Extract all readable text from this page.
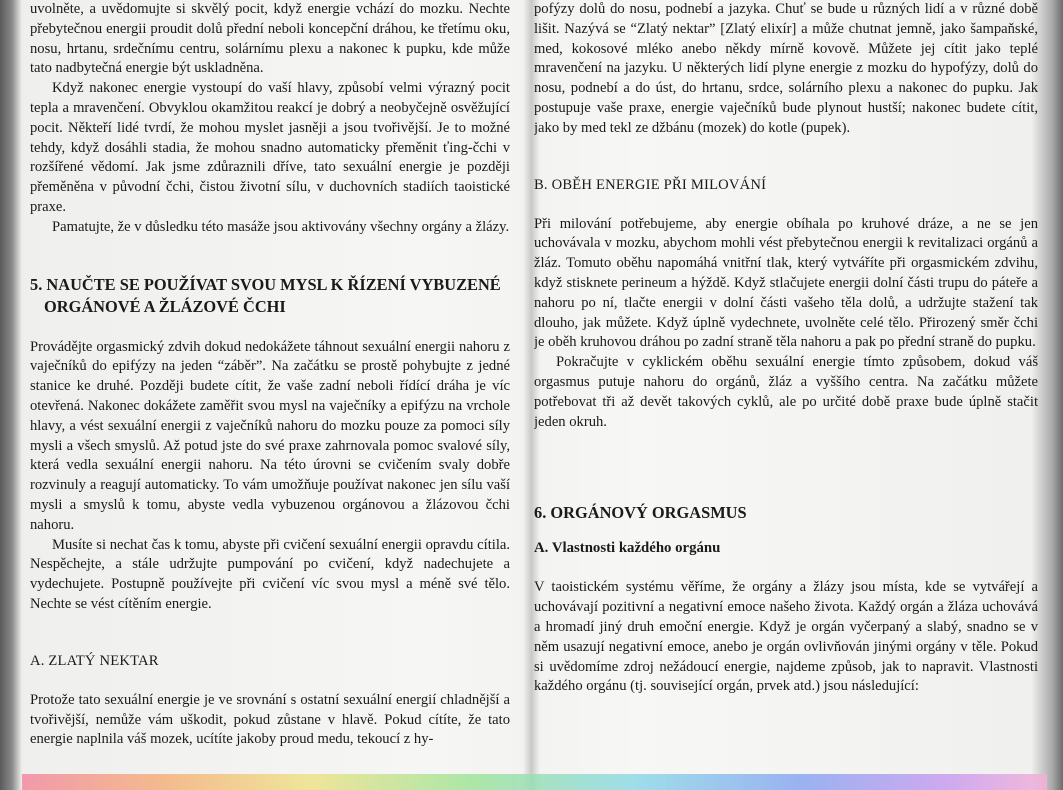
uvolněte, a uvědomujte si skvělý pocit, když energie vchází do mozku. Nechte přebytečnou energii proudit dolů přední neboli koncepční dráhou, ke třetímu oku, nosu, hrtanu, srdečnímu centru, solárnímu plexu a nakonec k pupku, kde může tato nadbytečná energie být uskladněna.

Když nakonec energie vystoupí do vaší hlavy, způsobí velmi výrazný pocit tepla a mravenčení. Obvyklou okamžitou reakcí je dobrý a neobyčejně osvěžující pocit. Někteří lidé tvrdí, že mohou myslet jasněji a jsou tvořivější. Je to možné tehdy, když dosáhli stadia, že mohou snadno automaticky přeměnit ťing-čchi v rozšířené vědomí. Jak jsme zdůraznili dříve, tato sexuální energie je později přeměněna v původní čchi, čistou životní sílu, v duchovních stadiích taoistické praxe.

Pamatujte, že v důsledku této masáže jsou aktivovány všechny orgány a žlázy.

5. NAUČTE SE POUŽÍVAT SVOU MYSL K ŘÍZENÍ VYBUZENÉ
ORGÁNOVÉ A ŽLÁZOVÉ ČCHI

Provádějte orgasmický zdvih dokud nedokážete táhnout sexuální energii nahoru z vaječníků do epifýzy na jeden “záběr”. Na začátku se prostě pohybujte z jedné stanice ke druhé. Později budete cítit, že vaše zadní neboli řídící dráha je víc otevřená. Nakonec dokážete zaměřit svou mysl na vaječníky a epifýzu na vrchole hlavy, a vést sexuální energii z vaječníků nahoru do mozku pouze za pomoci síly mysli a všech smyslů. Až potud jste do své praxe zahrnovala pomoc svalové síly, která vedla sexuální energii nahoru. Na této úrovni se cvičením svaly dobře rozvinuly a reagují automaticky. To vám umožňuje používat nakonec jen sílu vaší mysli a smyslů k tomu, abyste vedla vybuzenou orgánovou a žlázovou čchi nahoru.

Musíte si nechat čas k tomu, abyste při cvičení sexuální energii opravdu cítila. Nespěchejte, a stále udržujte pumpování po cvičení, když nadechujete a vydechujete. Postupně používejte při cvičení víc svou mysl a méně své tělo. Nechte se vést cítěním energie.

A. ZLATÝ NEKTAR

Protože tato sexuální energie je ve srovnání s ostatní sexuální energií chladnější a tvořivější, nemůže vám uškodit, pokud zůstane v hlavě. Pokud cítíte, že tato energie naplnila váš mozek, ucítíte jakoby proud medu, tekoucí z hy-

pofýzy dolů do nosu, podnebí a jazyka. Chuť se bude u různých lidí a v různé době lišit. Nazývá se “Zlatý nektar” [Zlatý elixír] a může chutnat jemně, jako šampaňské, med, kokosové mléko anebo někdy mírně kovově. Můžete jej cítit jako teplé mravenčení na jazyku. U některých lidí plyne energie z mozku do hypofýzy, dolů do nosu, podnebí a do úst, do hrtanu, srdce, solárního plexu a nakonec do pupku. Jak postupuje vaše praxe, energie vaječníků bude plynout hustší; nakonec budete cítit, jako by med tekl ze džbánu (mozek) do kotle (pupek).

B. OBĚH ENERGIE PŘI MILOVÁNÍ

Při milování potřebujeme, aby energie obíhala po kruhové dráze, a ne se jen uchovávala v mozku, abychom mohli vést přebytečnou energii k revitalizaci orgánů a žláz. Tomuto oběhu napomáhá vnitřní tlak, který vytváříte při orgasmickém zdvihu, když stisknete perineum a hýždě. Když stlačujete energii dolní části trupu do páteře a nahoru po ní, tlačte energii v dolní části vašeho těla dolů, a udržujte stažení tak dlouho, jak můžete. Když úplně vydechnete, uvolněte celé tělo. Přirozený směr čchi je oběh kruhovou dráhou po zadní straně těla nahoru a pak po přední straně do pupku.

Pokračujte v cyklickém oběhu sexuální energie tímto způsobem, dokud váš orgasmus putuje nahoru do orgánů, žláz a vyššího centra. Na začátku můžete potřebovat tři až devět takových cyklů, ale po určité době praxe bude úplně stačit jeden okruh.

6. ORGÁNOVÝ ORGASMUS
A. Vlastnosti každého orgánu

V taoistickém systému věříme, že orgány a žlázy jsou místa, kde se vytvářejí a uchovávají pozitivní a negativní emoce našeho života. Každý orgán a žláza uchovává a hromadí jiný druh emoční energie. Když je orgán vyčerpaný a slabý, snadno se v něm usazují negativní emoce, anebo je orgán ovlivňován jinými orgány v těle. Pokud si uvědomíme zdroj nežádoucí energie, najdeme způsob, jak to napravit. Vlastnosti každého orgánu (tj. související orgán, prvek atd.) jsou následující:
